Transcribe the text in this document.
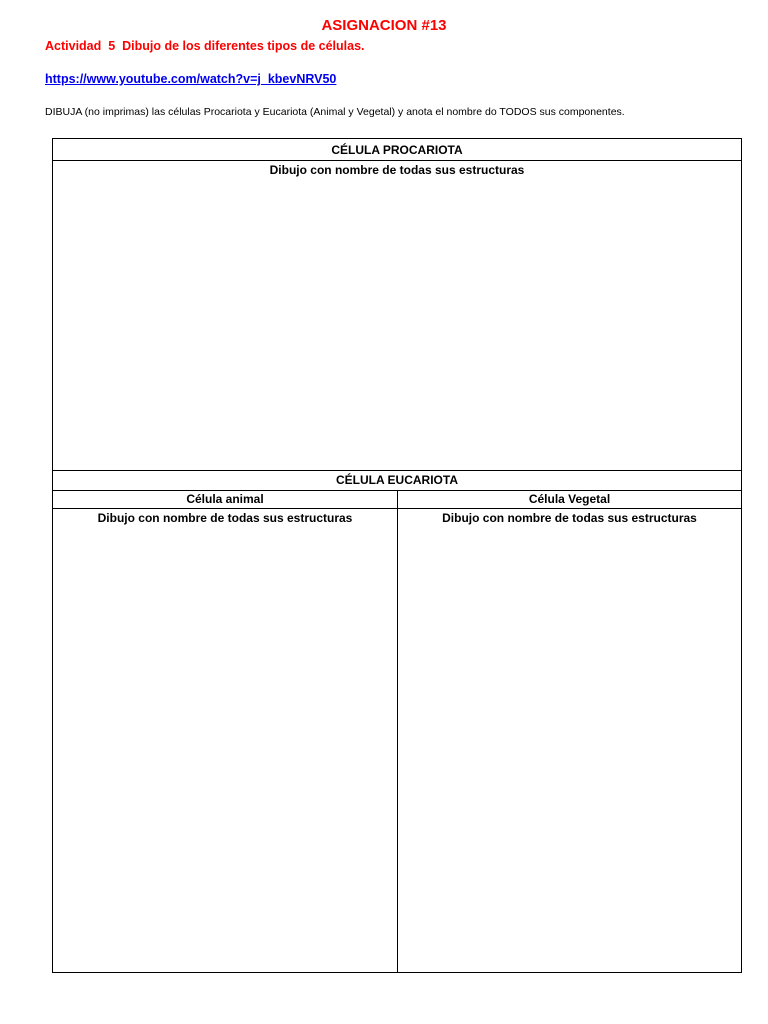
ASIGNACION #13
Actividad  5  Dibujo de los diferentes tipos de células.
https://www.youtube.com/watch?v=j_kbevNRV50
DIBUJA (no imprimas) las células Procariota y Eucariota (Animal y Vegetal) y anota el nombre do TODOS sus componentes.
CÉLULA PROCARIOTA
Dibujo con nombre de todas sus estructuras
CÉLULA EUCARIOTA
Célula animal	Célula Vegetal
Dibujo con nombre de todas sus estructuras	Dibujo con nombre de todas sus estructuras
